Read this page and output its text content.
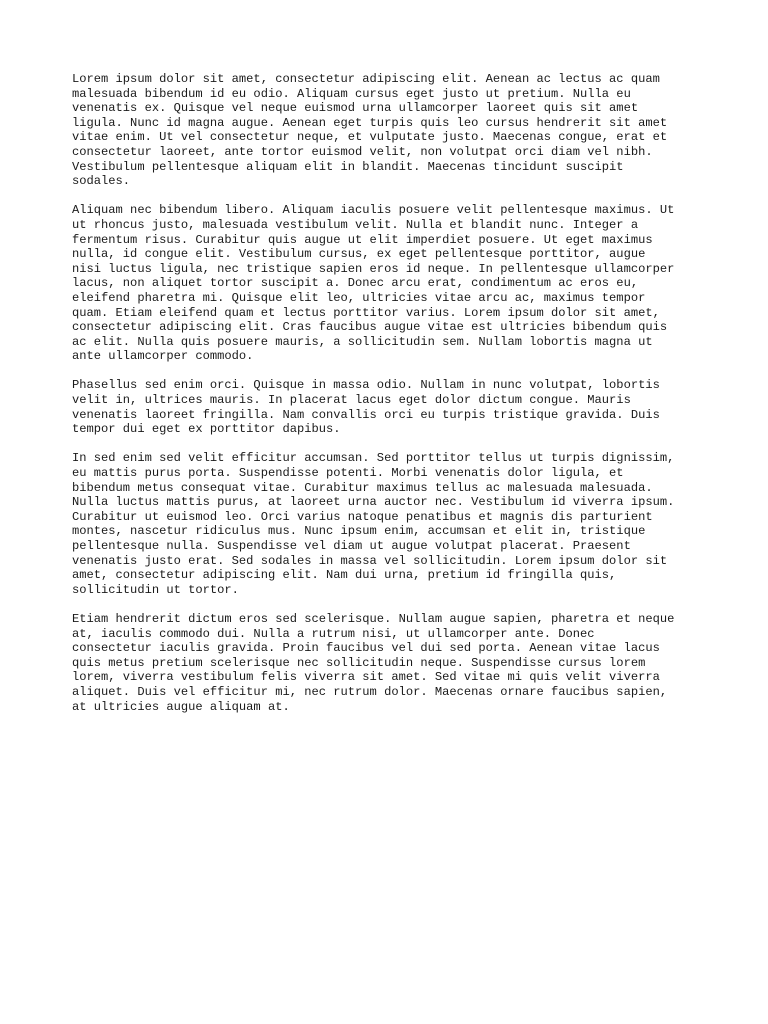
Lorem ipsum dolor sit amet, consectetur adipiscing elit. Aenean ac lectus ac quam
malesuada bibendum id eu odio. Aliquam cursus eget justo ut pretium. Nulla eu
venenatis ex. Quisque vel neque euismod urna ullamcorper laoreet quis sit amet
ligula. Nunc id magna augue. Aenean eget turpis quis leo cursus hendrerit sit amet
vitae enim. Ut vel consectetur neque, et vulputate justo. Maecenas congue, erat et
consectetur laoreet, ante tortor euismod velit, non volutpat orci diam vel nibh.
Vestibulum pellentesque aliquam elit in blandit. Maecenas tincidunt suscipit
sodales.

Aliquam nec bibendum libero. Aliquam iaculis posuere velit pellentesque maximus. Ut
ut rhoncus justo, malesuada vestibulum velit. Nulla et blandit nunc. Integer a
fermentum risus. Curabitur quis augue ut elit imperdiet posuere. Ut eget maximus
nulla, id congue elit. Vestibulum cursus, ex eget pellentesque porttitor, augue
nisi luctus ligula, nec tristique sapien eros id neque. In pellentesque ullamcorper
lacus, non aliquet tortor suscipit a. Donec arcu erat, condimentum ac eros eu,
eleifend pharetra mi. Quisque elit leo, ultricies vitae arcu ac, maximus tempor
quam. Etiam eleifend quam et lectus porttitor varius. Lorem ipsum dolor sit amet,
consectetur adipiscing elit. Cras faucibus augue vitae est ultricies bibendum quis
ac elit. Nulla quis posuere mauris, a sollicitudin sem. Nullam lobortis magna ut
ante ullamcorper commodo.

Phasellus sed enim orci. Quisque in massa odio. Nullam in nunc volutpat, lobortis
velit in, ultrices mauris. In placerat lacus eget dolor dictum congue. Mauris
venenatis laoreet fringilla. Nam convallis orci eu turpis tristique gravida. Duis
tempor dui eget ex porttitor dapibus.

In sed enim sed velit efficitur accumsan. Sed porttitor tellus ut turpis dignissim,
eu mattis purus porta. Suspendisse potenti. Morbi venenatis dolor ligula, et
bibendum metus consequat vitae. Curabitur maximus tellus ac malesuada malesuada.
Nulla luctus mattis purus, at laoreet urna auctor nec. Vestibulum id viverra ipsum.
Curabitur ut euismod leo. Orci varius natoque penatibus et magnis dis parturient
montes, nascetur ridiculus mus. Nunc ipsum enim, accumsan et elit in, tristique
pellentesque nulla. Suspendisse vel diam ut augue volutpat placerat. Praesent
venenatis justo erat. Sed sodales in massa vel sollicitudin. Lorem ipsum dolor sit
amet, consectetur adipiscing elit. Nam dui urna, pretium id fringilla quis,
sollicitudin ut tortor.

Etiam hendrerit dictum eros sed scelerisque. Nullam augue sapien, pharetra et neque
at, iaculis commodo dui. Nulla a rutrum nisi, ut ullamcorper ante. Donec
consectetur iaculis gravida. Proin faucibus vel dui sed porta. Aenean vitae lacus
quis metus pretium scelerisque nec sollicitudin neque. Suspendisse cursus lorem
lorem, viverra vestibulum felis viverra sit amet. Sed vitae mi quis velit viverra
aliquet. Duis vel efficitur mi, nec rutrum dolor. Maecenas ornare faucibus sapien,
at ultricies augue aliquam at.
